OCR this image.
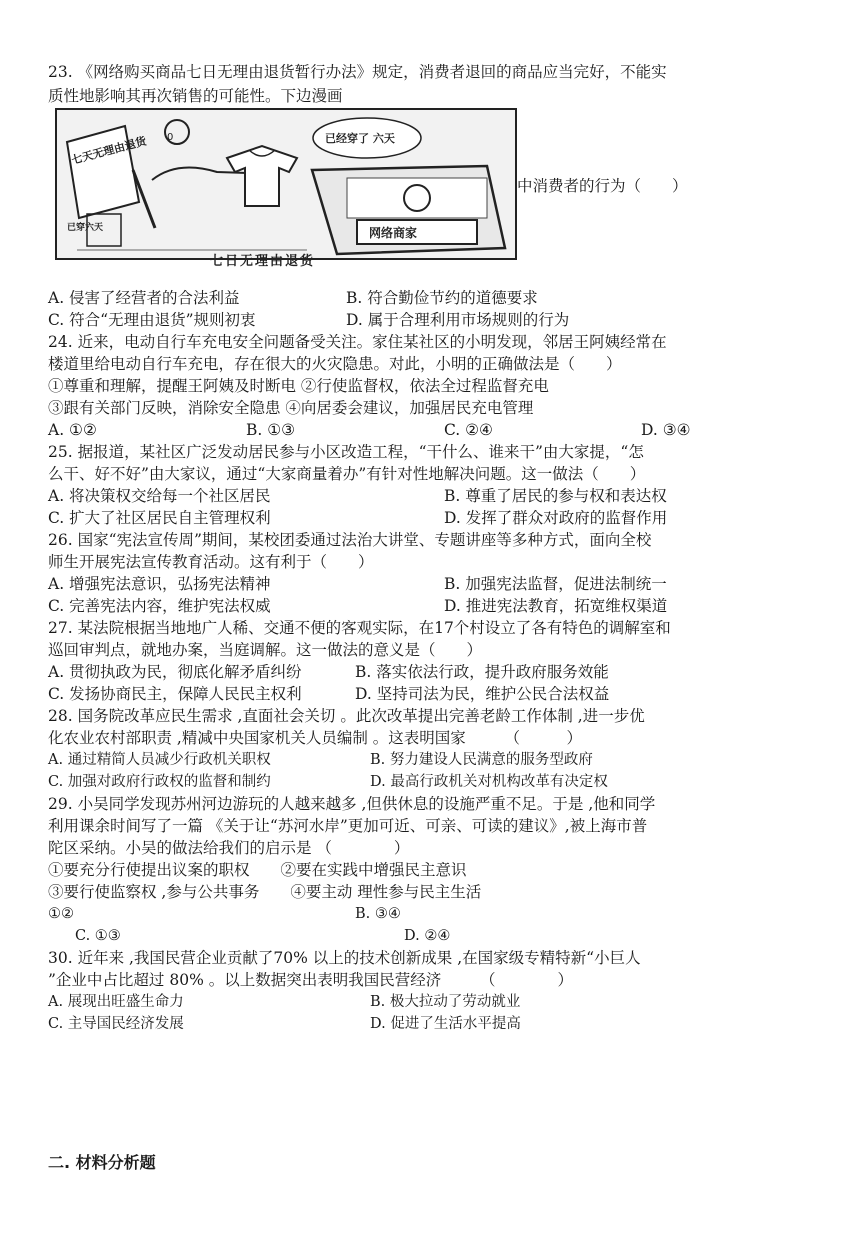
23. 《网络购买商品七日无理由退货暂行办法》规定，消费者退回的商品应当完好，不能实
质性地影响其再次销售的可能性。下边漫画
七天无理由退货	已经穿了 六天
0
已穿六天	网络商家
七日无理由退货
中消费者的行为（　　）
A. 侵害了经营者的合法利益	B. 符合勤俭节约的道德要求
C. 符合“无理由退货”规则初衷	D. 属于合理利用市场规则的行为
24. 近来，电动自行车充电安全问题备受关注。家住某社区的小明发现，邻居王阿姨经常在
楼道里给电动自行车充电，存在很大的火灾隐患。对此，小明的正确做法是（　　）
①尊重和理解，提醒王阿姨及时断电 ②行使监督权，依法全过程监督充电
③跟有关部门反映，消除安全隐患 ④向居委会建议，加强居民充电管理
A. ①②	B. ①③	C. ②④	D. ③④
25. 据报道，某社区广泛发动居民参与小区改造工程，“干什么、谁来干”由大家提，“怎
么干、好不好”由大家议，通过“大家商量着办”有针对性地解决问题。这一做法（　　）
A. 将决策权交给每一个社区居民	B. 尊重了居民的参与权和表达权
C. 扩大了社区居民自主管理权利	D. 发挥了群众对政府的监督作用
26. 国家“宪法宣传周”期间，某校团委通过法治大讲堂、专题讲座等多种方式，面向全校
师生开展宪法宣传教育活动。这有利于（　　）
A. 增强宪法意识，弘扬宪法精神	B. 加强宪法监督，促进法制统一
C. 完善宪法内容，维护宪法权威	D. 推进宪法教育，拓宽维权渠道
27. 某法院根据当地地广人稀、交通不便的客观实际，在17个村设立了各有特色的调解室和
巡回审判点，就地办案，当庭调解。这一做法的意义是（　　）
A. 贯彻执政为民，彻底化解矛盾纠纷	B. 落实依法行政，提升政府服务效能
C. 发扬协商民主，保障人民民主权利	D. 坚持司法为民，维护公民合法权益
28. 国务院改革应民生需求 ,直面社会关切 。此次改革提出完善老龄工作体制 ,进一步优
化农业农村部职责 ,精减中央国家机关人员编制 。这表明国家　　　（　　　）
A. 通过精简人员减少行政机关职权	B. 努力建设人民满意的服务型政府
C. 加强对政府行政权的监督和制约	D. 最高行政机关对机构改革有决定权
29. 小吴同学发现苏州河边游玩的人越来越多 ,但供休息的设施严重不足。于是 ,他和同学
利用课余时间写了一篇 《关于让“苏河水岸”更加可近、可亲、可读的建议》,被上海市普
陀区采纳。小吴的做法给我们的启示是 （　　　　）
①要充分行使提出议案的职权　　②要在实践中增强民主意识
③要行使监察权 ,参与公共事务　　④要主动 理性参与民主生活
①②	B. ③④
C. ①③	D. ②④
30. 近年来 ,我国民营企业贡献了70% 以上的技术创新成果 ,在国家级专精特新“小巨人
”企业中占比超过 80% 。以上数据突出表明我国民营经济　　　（　　　　）
A. 展现出旺盛生命力	B. 极大拉动了劳动就业
C. 主导国民经济发展	D. 促进了生活水平提高
二. 材料分析题
